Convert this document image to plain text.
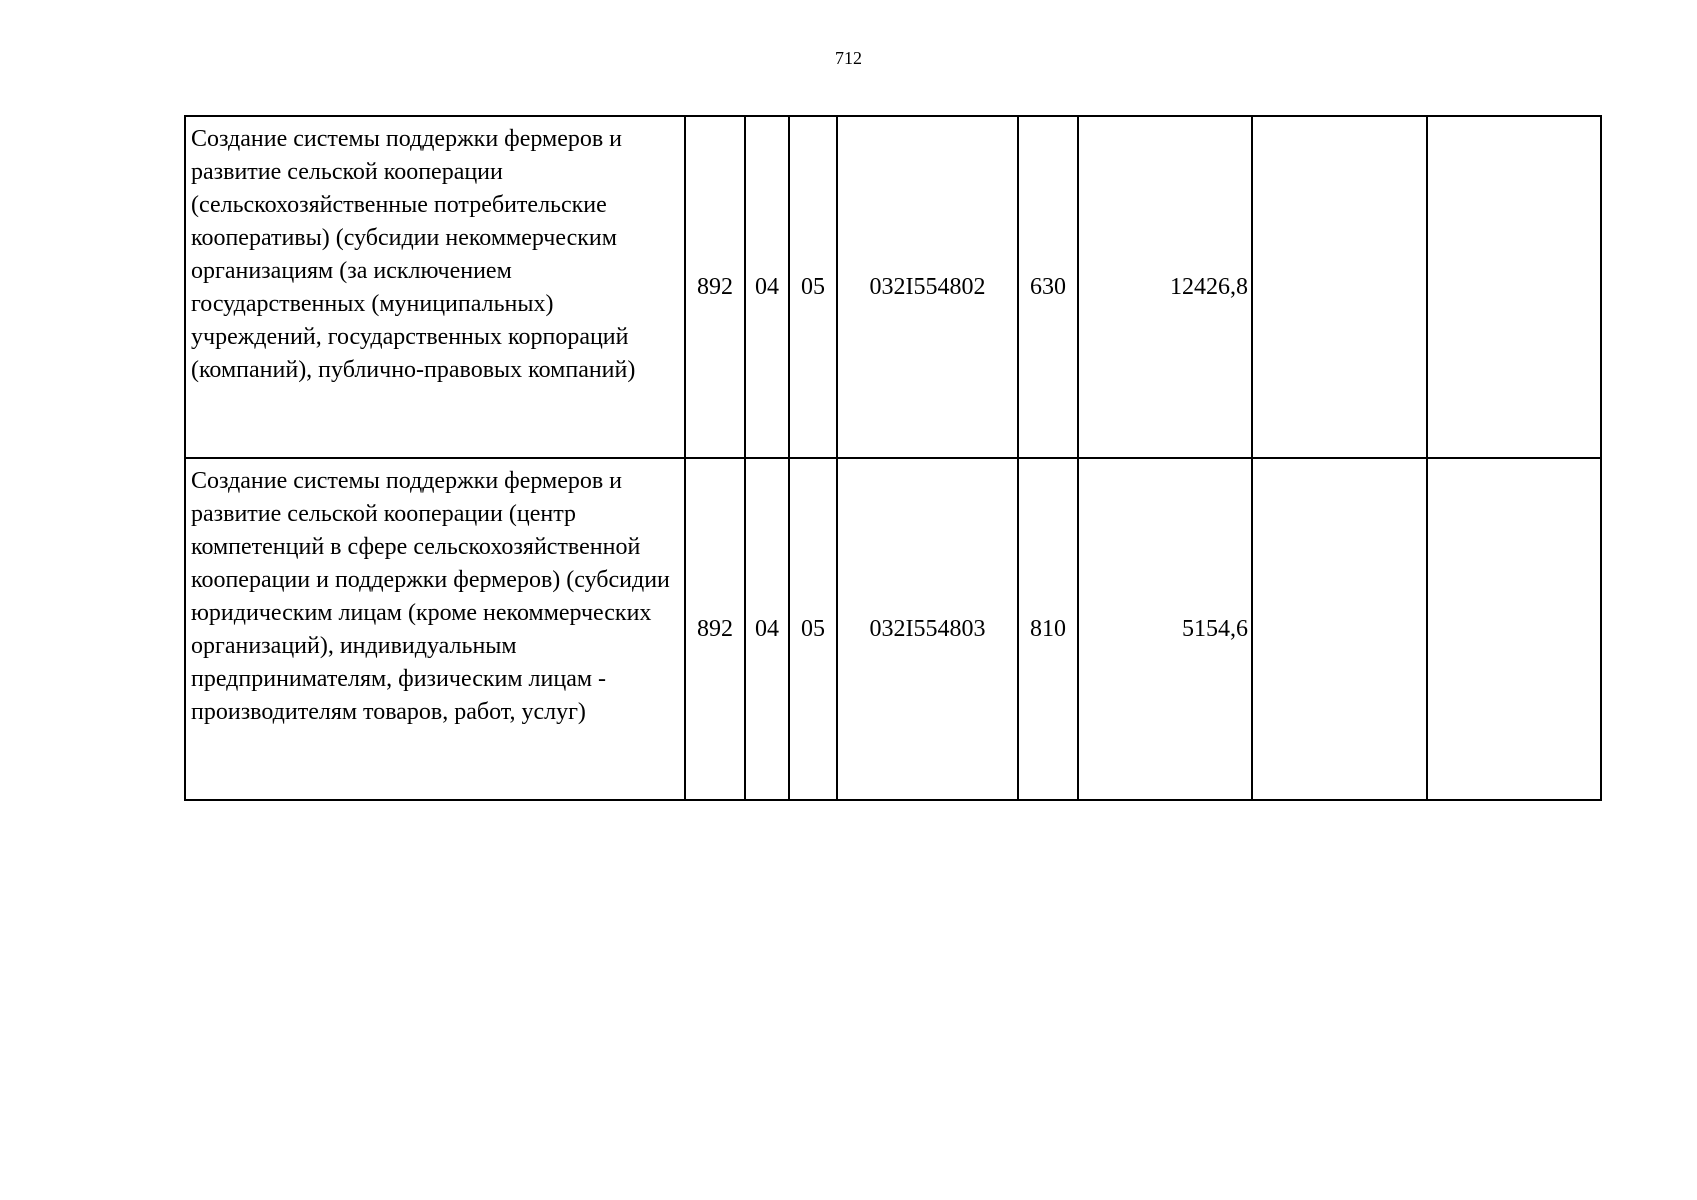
712
Создание системы поддержки фермеров и развитие сельской кооперации (сельскохозяйственные потребительские кооперативы) (субсидии некоммерческим организациям (за исключением государственных (муниципальных) учреждений, государственных корпораций (компаний), публично-правовых компаний)	892	04	05	032I554802	630	12426,8		
Создание системы поддержки фермеров и развитие сельской кооперации (центр компетенций в сфере сельскохозяйственной кооперации и поддержки фермеров) (субсидии юридическим лицам (кроме некоммерческих организаций), индивидуальным предпринимателям, физическим лицам - производителям товаров, работ, услуг)	892	04	05	032I554803	810	5154,6		
